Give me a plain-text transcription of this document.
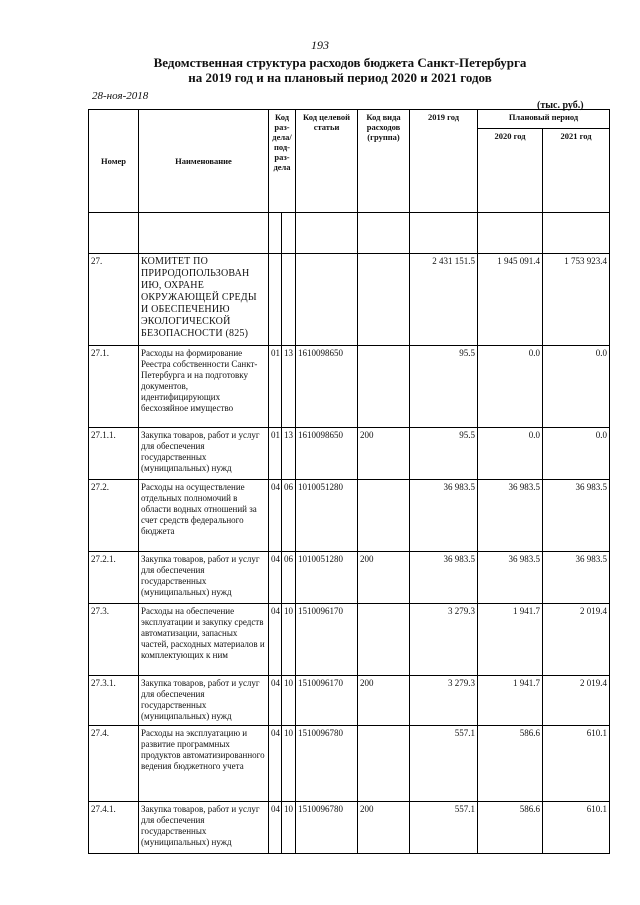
193
Ведомственная структура расходов бюджета Санкт-Петербурга
на 2019 год и на плановый период 2020 и 2021 годов
28-ноя-2018
(тыс. руб.)
Номер	Наименование	Код раз- дела/ под- раз- дела		Код целевой статьи	Код вида расходов (группа)	2019 год	Плановый период	
							2020 год	2021 год

27.	КОМИТЕТ ПО ПРИРОДОПОЛЬЗОВАН ИЮ, ОХРАНЕ ОКРУЖАЮЩЕЙ СРЕДЫ И ОБЕСПЕЧЕНИЮ ЭКОЛОГИЧЕСКОЙ БЕЗОПАСНОСТИ (825)					2 431 151.5	1 945 091.4	1 753 923.4
27.1.	Расходы на формирование Реестра собственности Санкт-Петербурга и на подготовку документов, идентифицирующих бесхозяйное имущество	01	13	1610098650		95.5	0.0	0.0
27.1.1.	Закупка товаров, работ и услуг для обеспечения государственных (муниципальных) нужд	01	13	1610098650	200	95.5	0.0	0.0
27.2.	Расходы на осуществление отдельных полномочий в области водных отношений за счет средств федерального бюджета	04	06	1010051280		36 983.5	36 983.5	36 983.5
27.2.1.	Закупка товаров, работ и услуг для обеспечения государственных (муниципальных) нужд	04	06	1010051280	200	36 983.5	36 983.5	36 983.5
27.3.	Расходы на обеспечение эксплуатации и закупку средств автоматизации, запасных частей, расходных материалов и комплектующих к ним	04	10	1510096170		3 279.3	1 941.7	2 019.4
27.3.1.	Закупка товаров, работ и услуг для обеспечения государственных (муниципальных) нужд	04	10	1510096170	200	3 279.3	1 941.7	2 019.4
27.4.	Расходы на эксплуатацию и развитие программных продуктов автоматизированного ведения бюджетного учета	04	10	1510096780		557.1	586.6	610.1
27.4.1.	Закупка товаров, работ и услуг для обеспечения государственных (муниципальных) нужд	04	10	1510096780	200	557.1	586.6	610.1
